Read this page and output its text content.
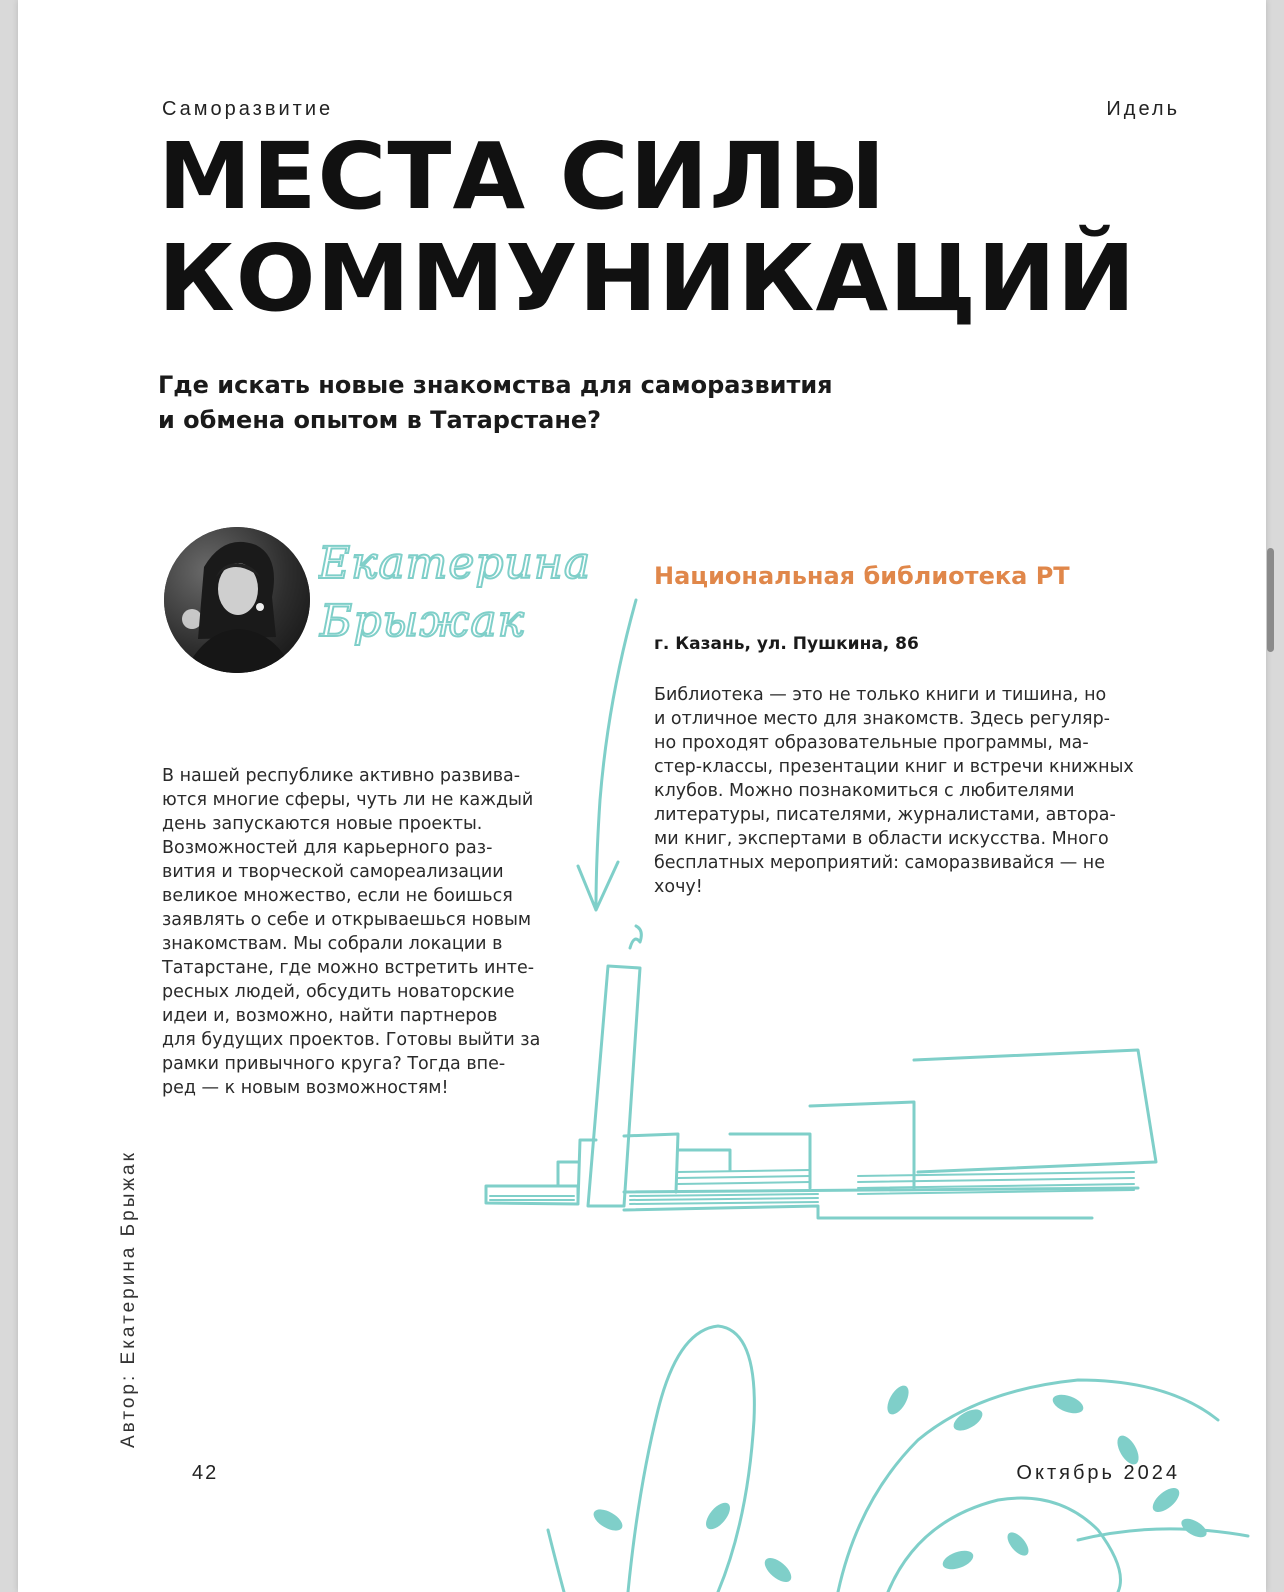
Саморазвитие	Идель
МЕСТА СИЛЫ
КОММУНИКАЦИЙ
Где искать новые знакомства для саморазвития
и обмена опытом в Татарстане?
Екатерина
Брыжак

В нашей республике активно развива-

ются многие сферы, чуть ли не каждый

день запускаются новые проекты.

Возможностей для карьерного раз-

вития и творческой самореализации

великое множество, если не боишься

заявлять о себе и открываешься новым

знакомствам. Мы собрали локации в

Татарстане, где можно встретить инте-

ресных людей, обсудить новаторские

идеи и, возможно, найти партнеров

для будущих проектов. Готовы выйти за

рамки привычного круга? Тогда впе-

ред — к новым возможностям!

Национальная библиотека РТ
г. Казань, ул. Пушкина, 86
Библиотека — это не только книги и тишина, но
и отличное место для знакомств. Здесь регуляр-
но проходят образовательные программы, ма-
стер-классы, презентации книг и встречи книжных
клубов. Можно познакомиться с любителями
литературы, писателями, журналистами, автора-
ми книг, экспертами в области искусства. Много
бесплатных мероприятий: саморазвивайся — не
хочу!
Автор: Екатерина Брыжак
42	Октябрь 2024
